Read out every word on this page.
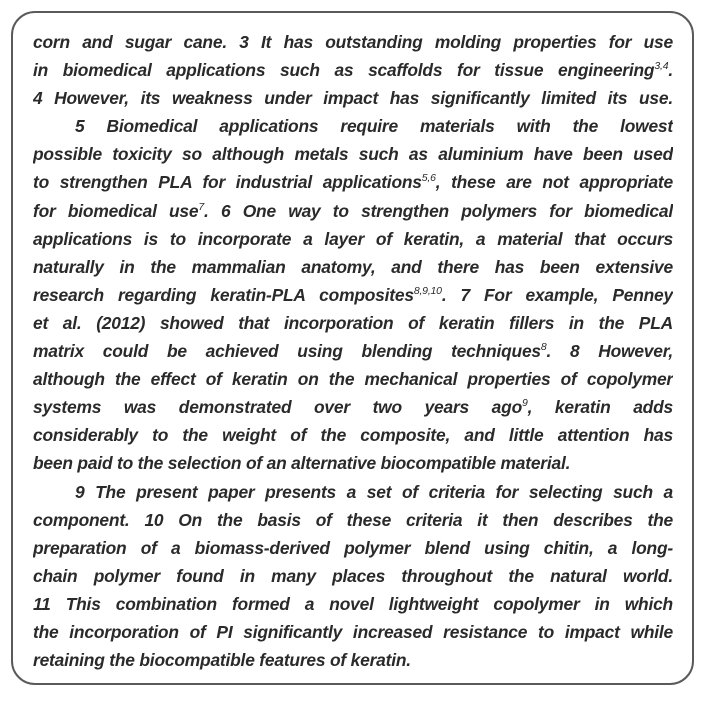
corn and sugar cane. 3 It has outstanding molding properties for use
in biomedical applications such as scaffolds for tissue engineering$^{3,4}$.
4 However, its weakness under impact has significantly limited its use.
5 Biomedical applications require materials with the lowest
possible toxicity so although metals such as aluminium have been used
to strengthen PLA for industrial applications$^{5,6}$, these are not appropriate
for biomedical use$^7$. 6 One way to strengthen polymers for biomedical
applications is to incorporate a layer of keratin, a material that occurs
naturally in the mammalian anatomy, and there has been extensive
research regarding keratin-PLA composites$^{8,9,10}$. 7 For example, Penney
et al. (2012) showed that incorporation of keratin fillers in the PLA
matrix could be achieved using blending techniques$^8$. 8 However,
although the effect of keratin on the mechanical properties of copolymer
systems was demonstrated over two years ago$^9$, keratin adds
considerably to the weight of the composite, and little attention has
been paid to the selection of an alternative biocompatible material.
9 The present paper presents a set of criteria for selecting such a
component. 10 On the basis of these criteria it then describes the
preparation of a biomass-derived polymer blend using chitin, a long-
chain polymer found in many places throughout the natural world.
11 This combination formed a novel lightweight copolymer in which
the incorporation of PI significantly increased resistance to impact while
retaining the biocompatible features of keratin.
